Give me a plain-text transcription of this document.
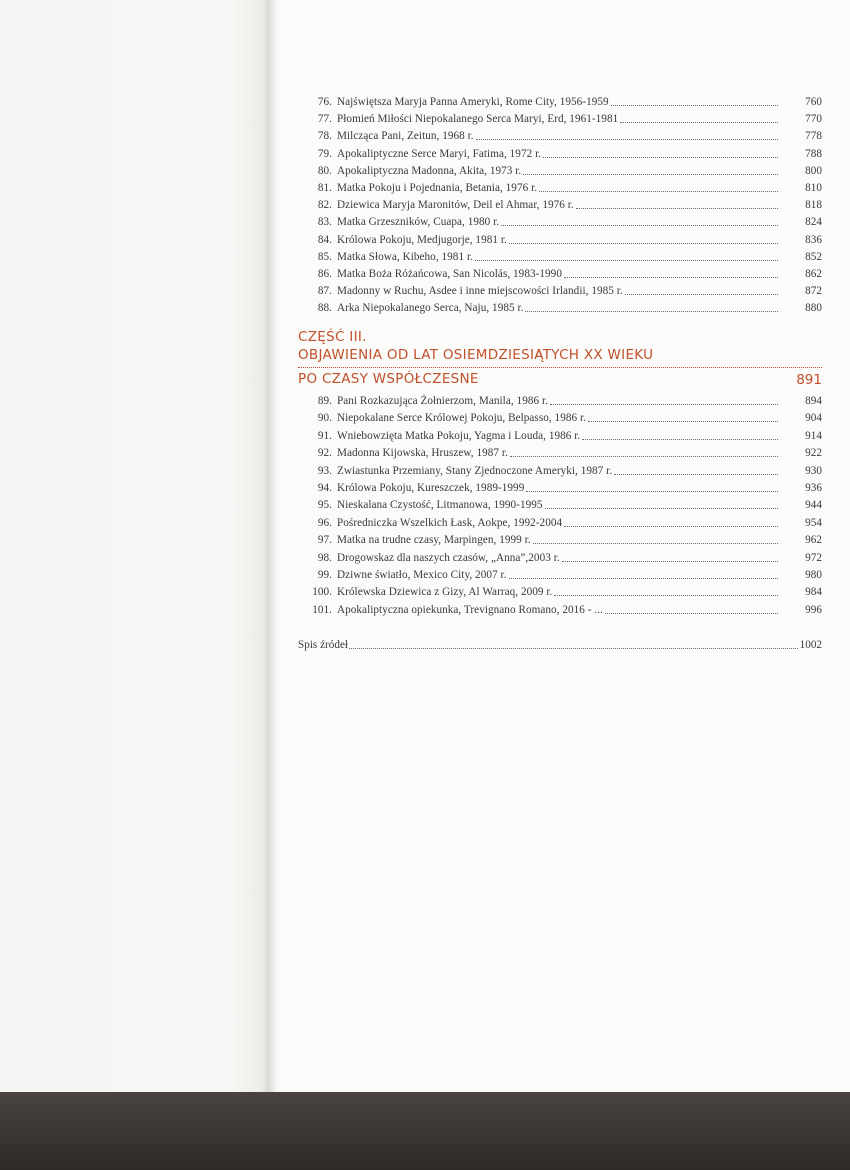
76. Najświętsza Maryja Panna Ameryki, Rome City, 1956-1959	760
77. Płomień Miłości Niepokalanego Serca Maryi, Erd, 1961-1981	770
78. Milcząca Pani, Zeitun, 1968 r.	778
79. Apokaliptyczne Serce Maryi, Fatima, 1972 r.	788
80. Apokaliptyczna Madonna, Akita, 1973 r.	800
81. Matka Pokoju i Pojednania, Betania, 1976 r.	810
82. Dziewica Maryja Maronitów, Deil el Ahmar, 1976 r.	818
83. Matka Grzeszników, Cuapa, 1980 r.	824
84. Królowa Pokoju, Medjugorje, 1981 r.	836
85. Matka Słowa, Kibeho, 1981 r.	852
86. Matka Boża Różańcowa, San Nicolás, 1983-1990	862
87. Madonny w Ruchu, Asdee i inne miejscowości Irlandii, 1985 r.	872
88. Arka Niepokalanego Serca, Naju, 1985 r.	880
CZĘŚĆ III.
OBJAWIENIA OD LAT OSIEMDZIESIĄTYCH XX WIEKU
PO CZASY WSPÓŁCZESNE	891
89. Pani Rozkazująca Żołnierzom, Manila, 1986 r.	894
90. Niepokalane Serce Królowej Pokoju, Belpasso, 1986 r.	904
91. Wniebowzięta Matka Pokoju, Yagma i Louda, 1986 r.	914
92. Madonna Kijowska, Hruszew, 1987 r.	922
93. Zwiastunka Przemiany, Stany Zjednoczone Ameryki, 1987 r.	930
94. Królowa Pokoju, Kureszczek, 1989-1999	936
95. Nieskalana Czystość, Litmanowa, 1990-1995	944
96. Pośredniczka Wszelkich Łask, Aokpe, 1992-2004	954
97. Matka na trudne czasy, Marpingen, 1999 r.	962
98. Drogowskaz dla naszych czasów, „Anna”,2003 r.	972
99. Dziwne światło, Mexico City, 2007 r.	980
100. Królewska Dziewica z Gizy, Al Warraq, 2009 r.	984
101. Apokaliptyczna opiekunka, Trevignano Romano, 2016 - ...	996
Spis źródeł	1002
